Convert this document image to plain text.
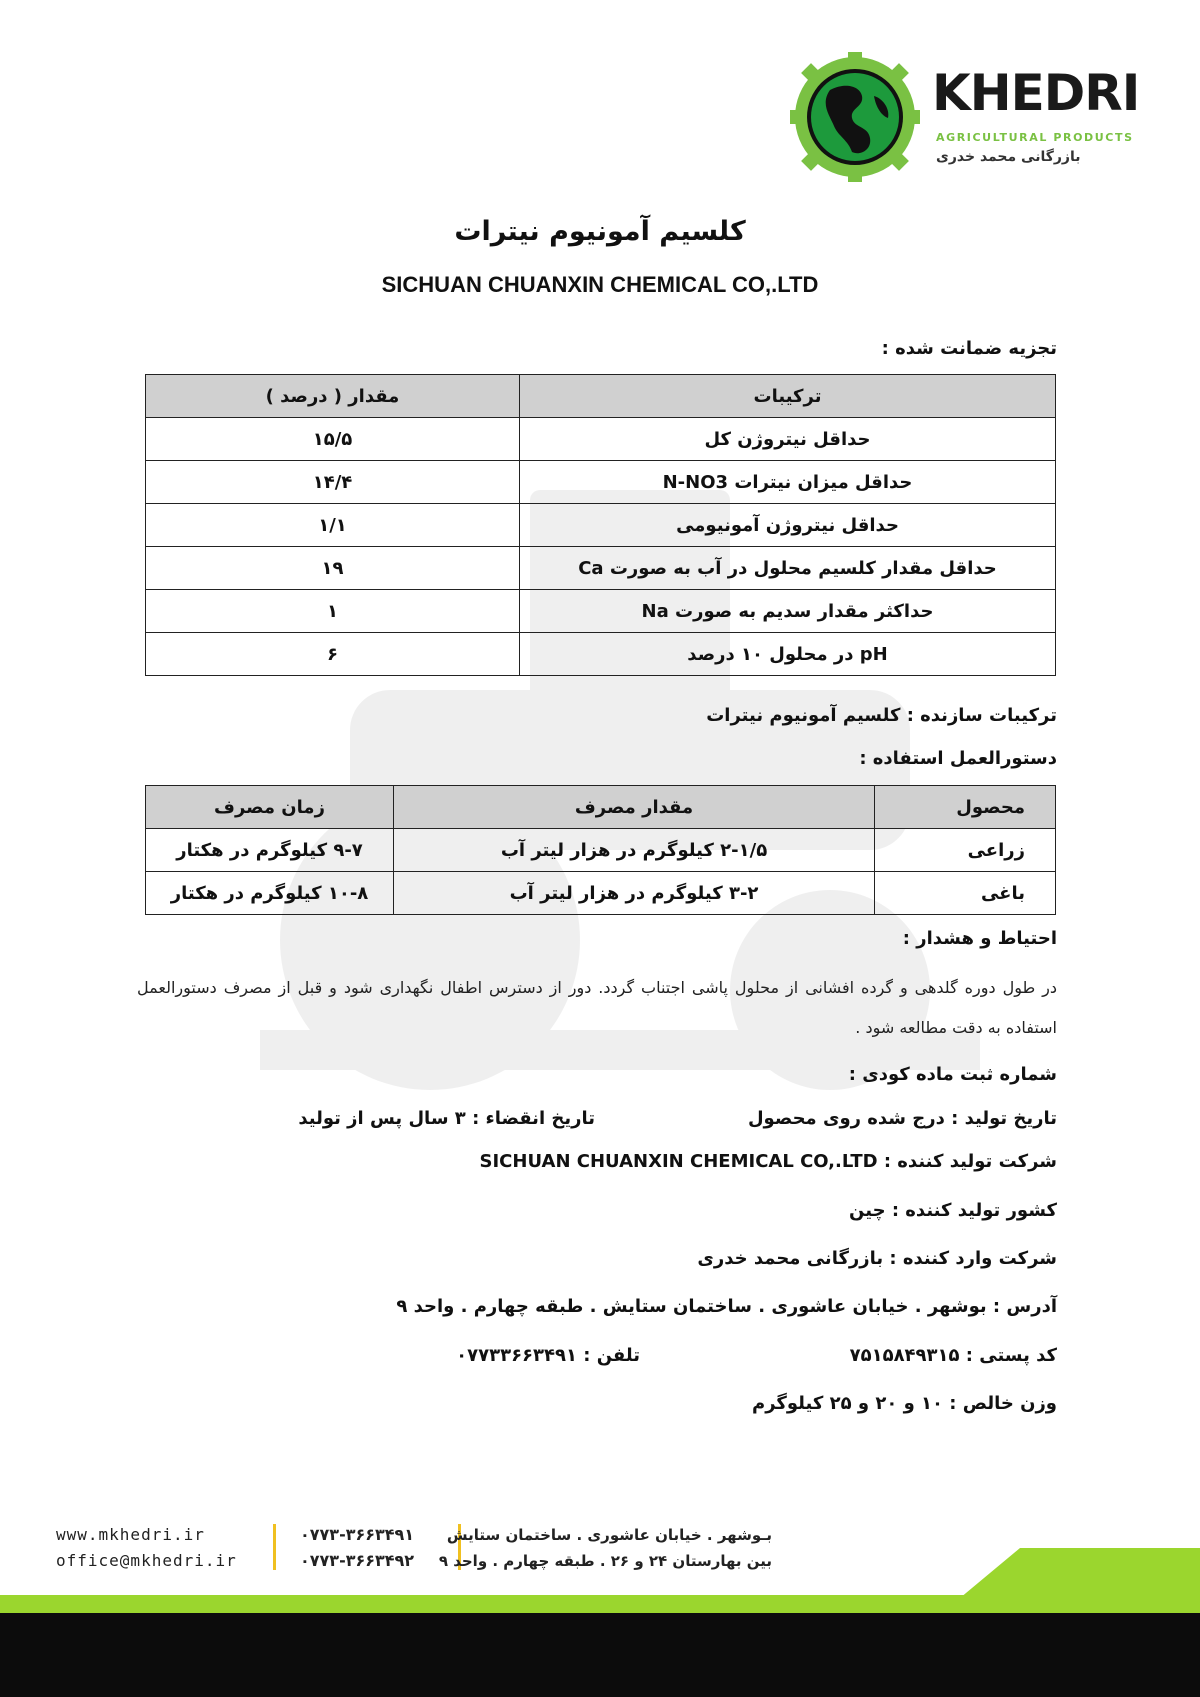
KHEDRI
AGRICULTURAL PRODUCTS
بازرگانی محمد خدری
کلسیم آمونیوم نیترات
SICHUAN CHUANXIN CHEMICAL CO,.LTD
تجزیه ضمانت شده :
ترکیبات	مقدار ( درصد )
حداقل نیتروژن کل	۱۵/۵
حداقل میزان نیترات N-NO3	۱۴/۴
حداقل نیتروژن آمونیومی	۱/۱
حداقل مقدار کلسیم محلول در آب به صورت Ca	۱۹
حداکثر مقدار سدیم به صورت Na	۱
pH در محلول ۱۰ درصد	۶
ترکیبات سازنده : کلسیم آمونیوم نیترات
دستورالعمل استفاده :
محصول	مقدار مصرف	زمان مصرف
زراعی	۲-۱/۵ کیلوگرم در هزار لیتر آب	۹-۷ کیلوگرم در هکتار
باغی	۳-۲ کیلوگرم در هزار لیتر آب	۱۰-۸ کیلوگرم در هکتار
احتیاط و هشدار :
در طول دوره گلدهی و گرده افشانی از محلول پاشی اجتناب گردد. دور از دسترس اطفال نگهداری شود و قبل از مصرف دستورالعمل استفاده به دقت مطالعه شود .
شماره ثبت ماده کودی :
تاریخ تولید : درج شده روی محصول
تاریخ انقضاء : ۳ سال پس از تولید
شرکت تولید کننده : SICHUAN CHUANXIN CHEMICAL CO,.LTD
کشور تولید کننده : چین
شرکت وارد کننده : بازرگانی محمد خدری
آدرس : بوشهر . خیابان عاشوری . ساختمان ستایش . طبقه چهارم . واحد ۹
کد پستی : ۷۵۱۵۸۴۹۳۱۵
تلفن : ۰۷۷۳۳۶۶۳۴۹۱
وزن خالص : ۱۰ و ۲۰ و ۲۵ کیلوگرم
www.mkhedri.ir
office@mkhedri.ir
۰۷۷۳-۳۶۶۳۴۹۱
۰۷۷۳-۳۶۶۳۴۹۲
بـوشهر . خیابان عاشوری . ساختمان ستایش
بین بهارستان ۲۴ و ۲۶ . طبقه چهارم . واحد ۹
